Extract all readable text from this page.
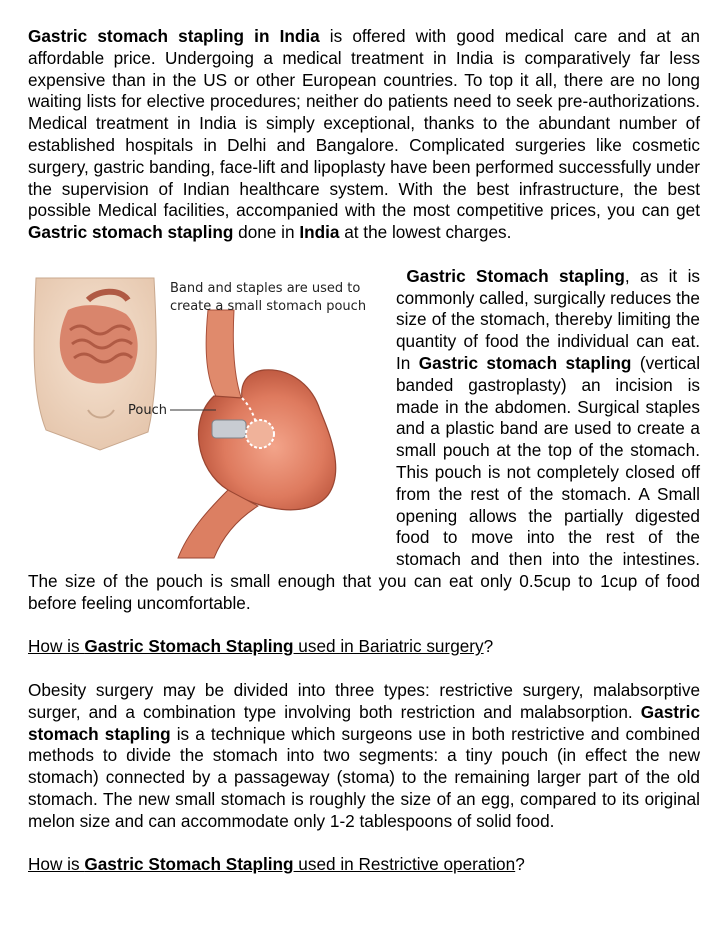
Gastric stomach stapling in India is offered with good medical care and at an affordable price. Undergoing a medical treatment in India is comparatively far less expensive than in the US or other European countries. To top it all, there are no long waiting lists for elective procedures; neither do patients need to seek pre-authorizations. Medical treatment in India is simply exceptional, thanks to the abundant number of established hospitals in Delhi and Bangalore. Complicated surgeries like cosmetic surgery, gastric banding, face-lift and lipoplasty have been performed successfully under the supervision of Indian healthcare system. With the best infrastructure, the best possible Medical facilities, accompanied with the most competitive prices, you can get Gastric stomach stapling done in India at the lowest charges.

Band and staples are used to
create a small stomach pouch
Pouch

Gastric Stomach stapling, as it is commonly called, surgically reduces the size of the stomach, thereby limiting the quantity of food the individual can eat. In Gastric stomach stapling (vertical banded gastroplasty) an incision is made in the abdomen. Surgical staples and a plastic band are used to create a small pouch at the top of the stomach. This pouch is not completely closed off from the rest of the stomach. A Small opening allows the partially digested food to move into the rest of the stomach and then into the intestines. The size of the pouch is small enough that you can eat only 0.5cup to 1cup of food before feeling uncomfortable.

How is Gastric Stomach Stapling used in Bariatric surgery?

Obesity surgery may be divided into three types: restrictive surgery, malabsorptive surger, and a combination type involving both restriction and malabsorption. Gastric stomach stapling is a technique which surgeons use in both restrictive and combined methods to divide the stomach into two segments: a tiny pouch (in effect the new stomach) connected by a passageway (stoma) to the remaining larger part of the old stomach. The new small stomach is roughly the size of an egg, compared to its original melon size and can accommodate only 1-2 tablespoons of solid food.

How is Gastric Stomach Stapling used in Restrictive operation?
